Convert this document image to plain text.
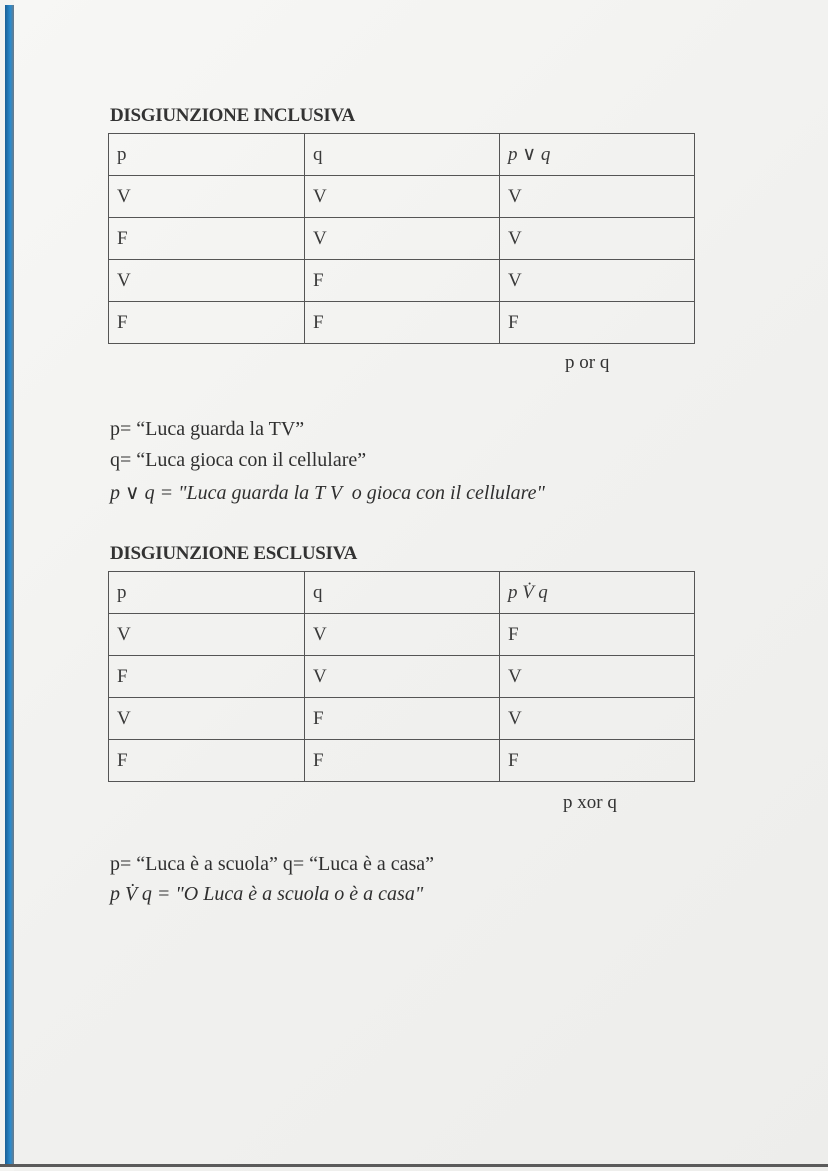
DISGIUNZIONE INCLUSIVA
p	q	p ∨ q
V	V	V
F	V	V
V	F	V
F	F	F
p or q
p= “Luca guarda la TV”
q= “Luca gioca con il cellulare”
p ∨ q = "Luca guarda la T V  o gioca con il cellulare"
DISGIUNZIONE ESCLUSIVA
p	q	p V̇ q
V	V	F
F	V	V
V	F	V
F	F	F
p xor q
p= “Luca è a scuola” q= “Luca è a casa”
p V̇ q = "O Luca è a scuola o è a casa"
